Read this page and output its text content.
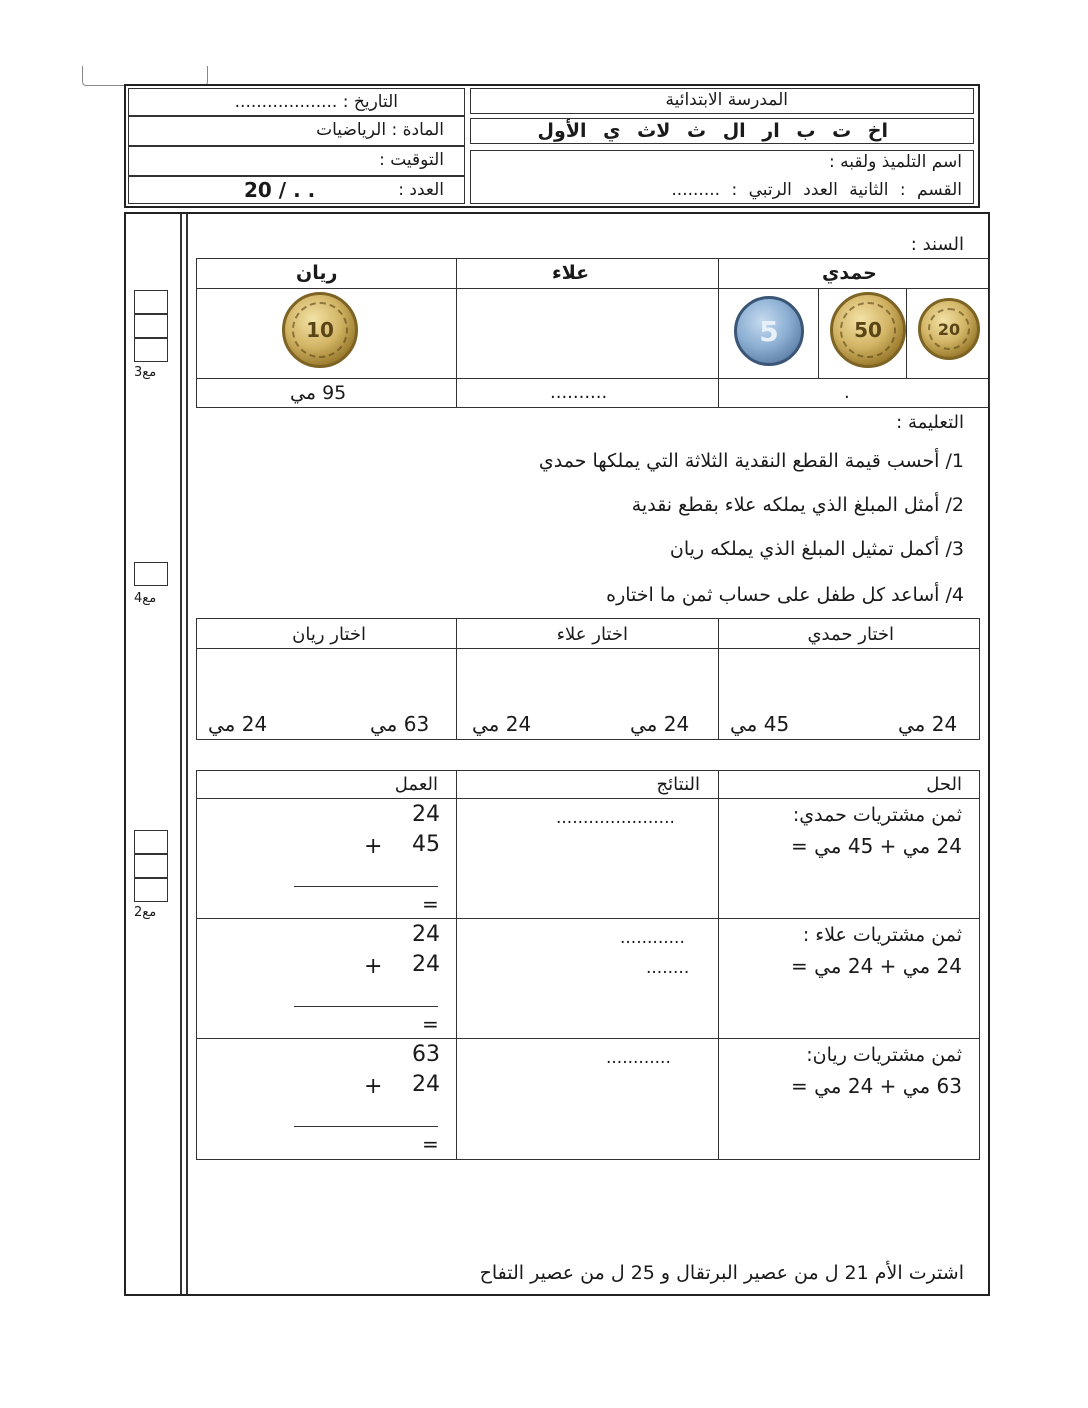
التاريخ : ...................
المادة : الرياضيات
التوقيت :
العدد :
20 / . .
المدرسة الابتدائية
اخ ت ب ار ال ث لاث ي الأول
اسم التلميذ ولقبه :
القسم : الثانية العدد الرتبي : .........
مع3
مع4
مع2
السند :
حمدي
علاء
ريان
5	50	20
10
.
..........
95 مي
التعليمة :
1/ أحسب قيمة القطع النقدية الثلاثة التي يملكها حمدي
2/ أمثل المبلغ الذي يملكه علاء بقطع نقدية
3/ أكمل تمثيل المبلغ الذي يملكه ريان
4/ أساعد كل طفل على حساب ثمن ما اختاره
اختار حمدي
اختار علاء
اختار ريان
24 مي
45 مي
24 مي
24 مي
63 مي
24 مي
الحل
النتائج
العمل
ثمن مشتريات حمدي:
24 مي + 45 مي =
......................
24
+ 45
=
ثمن مشتريات علاء :
24 مي + 24 مي =
............
........
24
+ 24
=
ثمن مشتريات ريان:
63 مي + 24 مي =
............
63
+ 24
=
اشترت الأم 21 ل من عصير البرتقال و 25 ل من عصير التفاح
